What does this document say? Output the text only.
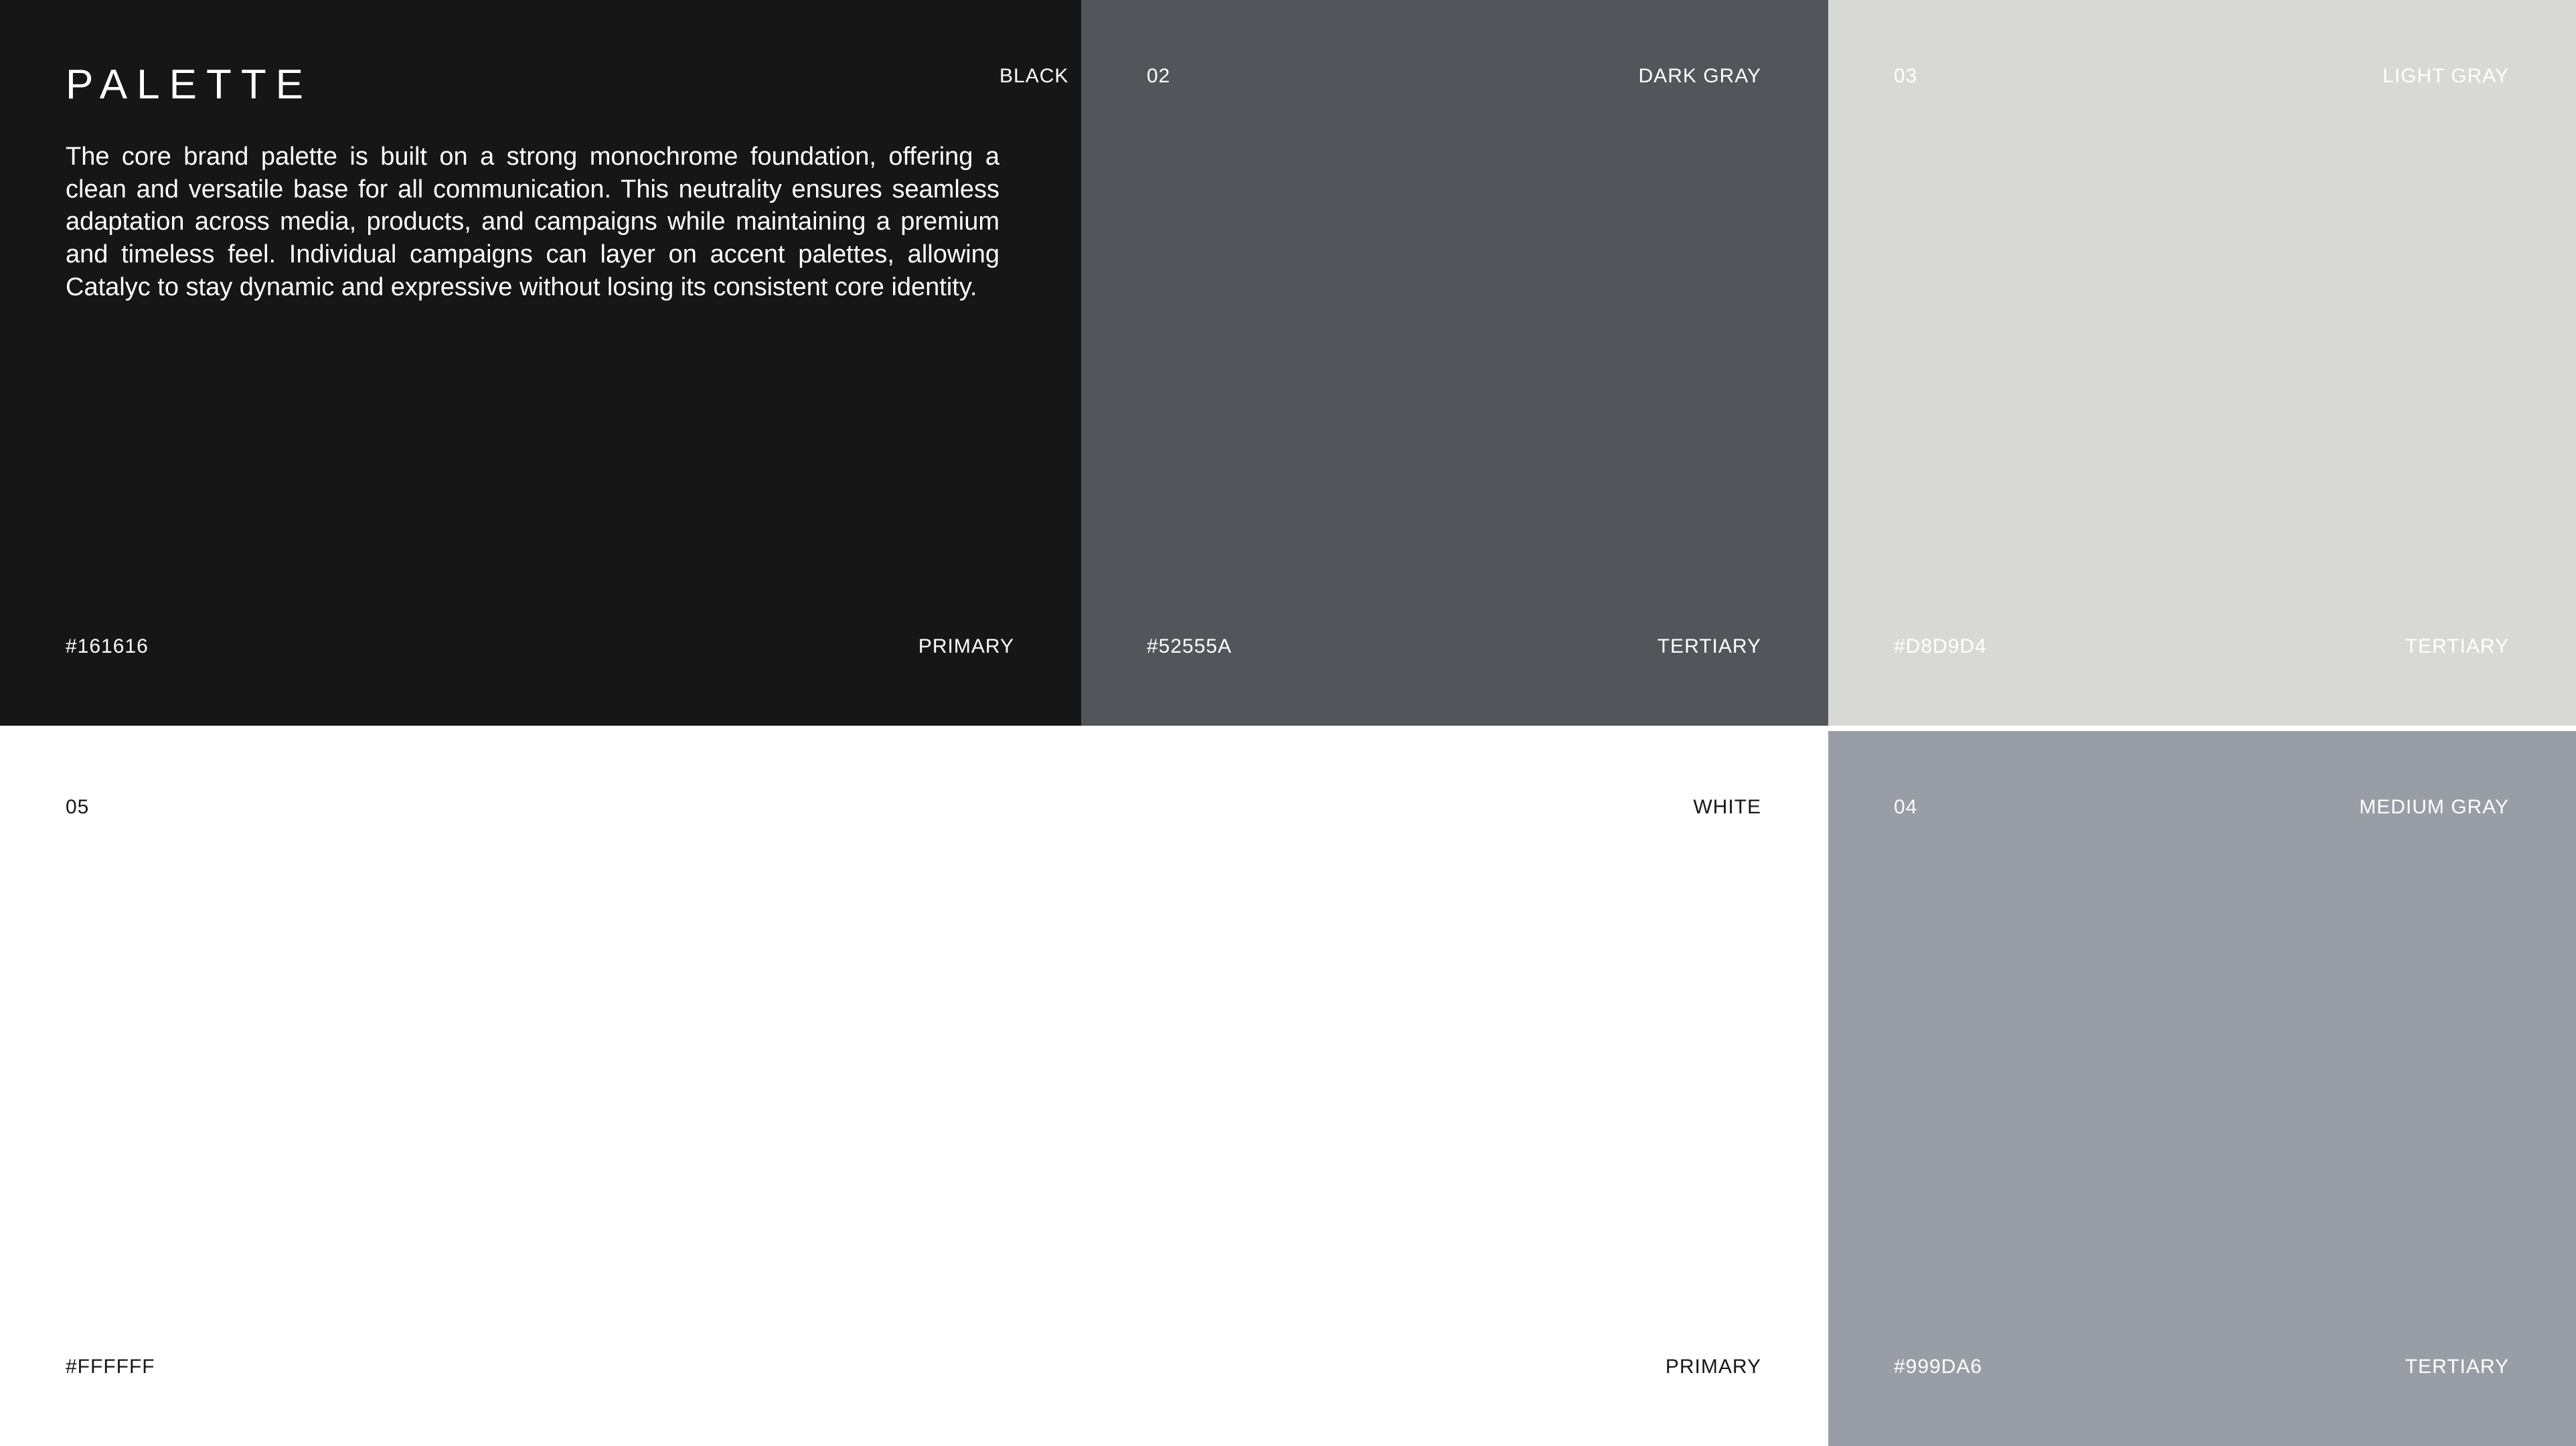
PALETTE

The core brand palette is built on a strong monochrome foundation, offering a clean and versatile base for all communication. This neutrality ensures seamless adaptation across media, products, and campaigns while maintaining a premium and timeless feel. Individual campaigns can layer on accent palettes, allowing Catalyc to stay dynamic and expressive without losing its consistent core identity.

BLACK
#161616	PRIMARY
02	DARK GRAY
#52555A	TERTIARY
03	LIGHT GRAY
#D8D9D4	TERTIARY
05	WHITE
#FFFFFF	PRIMARY
04	MEDIUM GRAY
#999DA6	TERTIARY
